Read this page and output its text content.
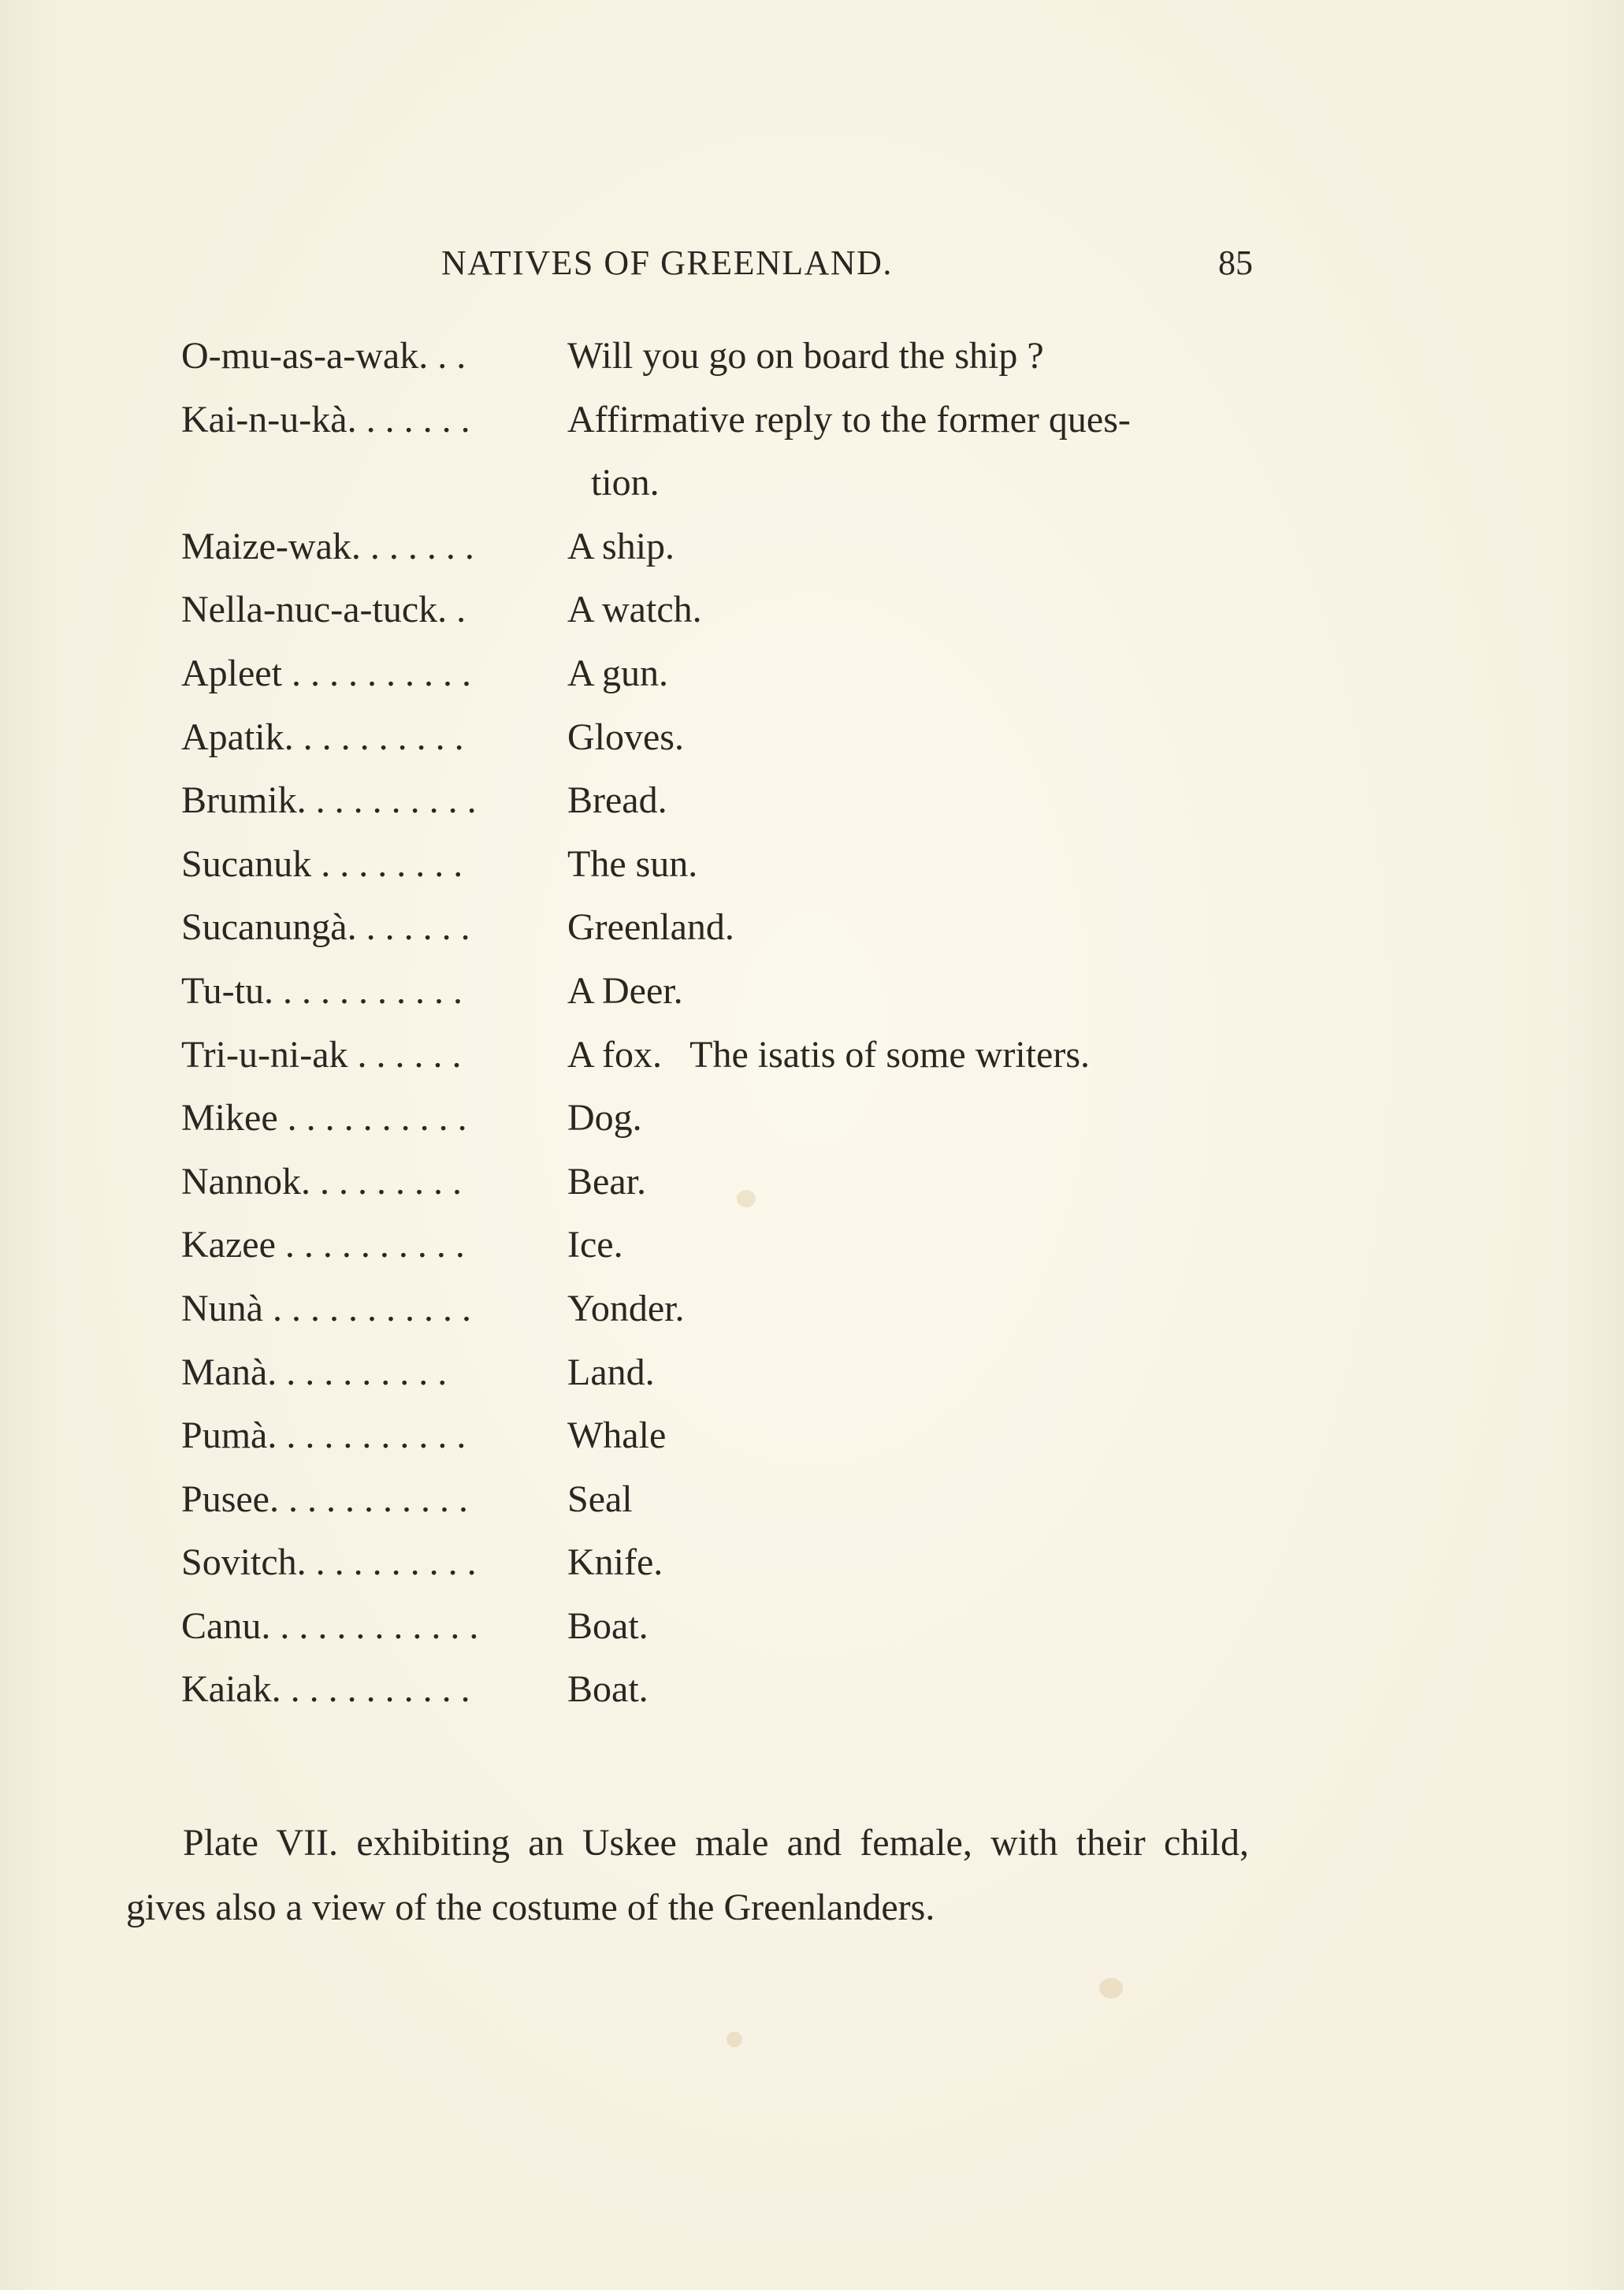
NATIVES OF GREENLAND.	85
O-mu-as-a-wak. . .	Will you go on board the ship ?
Kai-n-u-kà. . . . . . .	Affirmative reply to the former ques-
tion.
Maize-wak. . . . . . .	A ship.
Nella-nuc-a-tuck. .	A watch.
Apleet . . . . . . . . . .	A gun.
Apatik. . . . . . . . . .	Gloves.
Brumik. . . . . . . . . .	Bread.
Sucanuk . . . . . . . .	The sun.
Sucanungà. . . . . . .	Greenland.
Tu-tu. . . . . . . . . . .	A Deer.
Tri-u-ni-ak . . . . . .	A fox.   The isatis of some writers.
Mikee . . . . . . . . . .	Dog.
Nannok. . . . . . . . .	Bear.
Kazee . . . . . . . . . .	Ice.
Nunà . . . . . . . . . . .	Yonder.
Manà. . . . . . . . . .	Land.
Pumà. . . . . . . . . . .	Whale
Pusee. . . . . . . . . . .	Seal
Sovitch. . . . . . . . . .	Knife.
Canu. . . . . . . . . . . .	Boat.
Kaiak. . . . . . . . . . .	Boat.

Plate VII. exhibiting an Uskee male and female, with their child, gives also a view of the costume of the Greenlanders.
